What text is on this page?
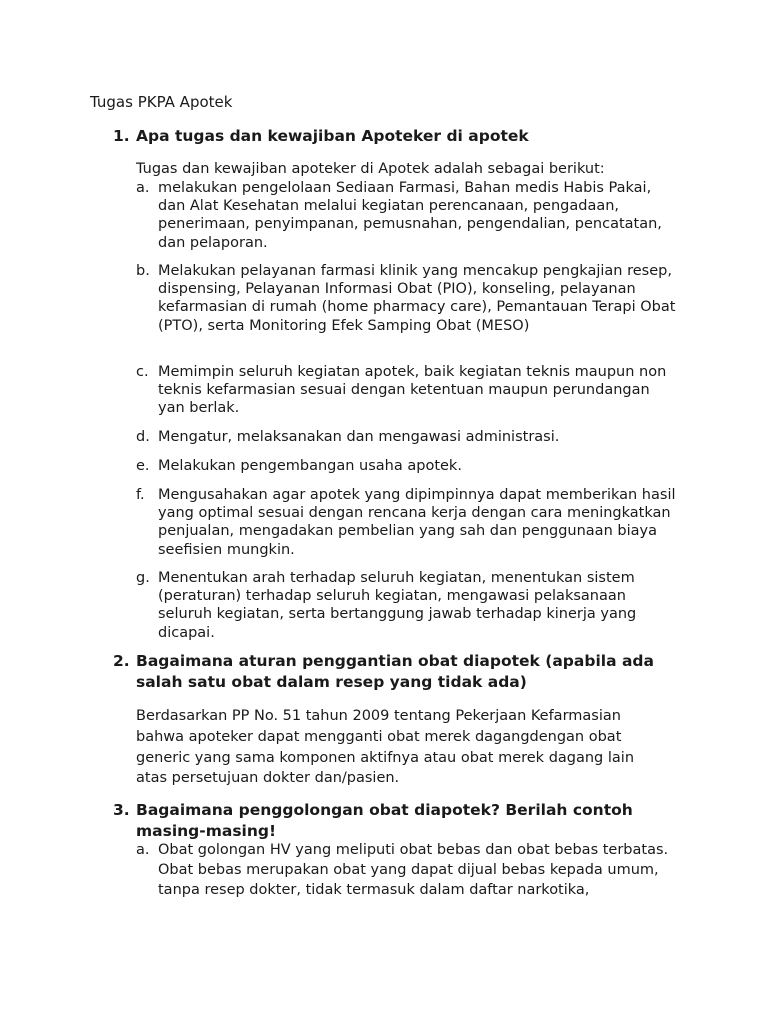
Tugas PKPA Apotek
1. Apa tugas dan kewajiban Apoteker di apotek
Tugas dan kewajiban apoteker di Apotek adalah sebagai berikut:
a. melakukan pengelolaan Sediaan Farmasi, Bahan medis Habis Pakai, dan Alat Kesehatan melalui kegiatan perencanaan, pengadaan, penerimaan, penyimpanan, pemusnahan, pengendalian, pencatatan, dan pelaporan.
b. Melakukan pelayanan farmasi klinik yang mencakup pengkajian resep, dispensing, Pelayanan Informasi Obat (PIO), konseling, pelayanan kefarmasian di rumah (home pharmacy care), Pemantauan Terapi Obat (PTO), serta Monitoring Efek Samping Obat (MESO)
c. Memimpin seluruh kegiatan apotek, baik kegiatan teknis maupun non teknis kefarmasian sesuai dengan ketentuan maupun perundangan yan berlak.
d. Mengatur, melaksanakan dan mengawasi administrasi.
e. Melakukan pengembangan usaha apotek.
f. Mengusahakan agar apotek yang dipimpinnya dapat memberikan hasil yang optimal sesuai dengan rencana kerja dengan cara meningkatkan penjualan, mengadakan pembelian yang sah dan penggunaan biaya seefisien mungkin.
g. Menentukan arah terhadap seluruh kegiatan, menentukan sistem (peraturan) terhadap seluruh kegiatan, mengawasi pelaksanaan seluruh kegiatan, serta bertanggung jawab terhadap kinerja yang dicapai.
2. Bagaimana aturan penggantian obat diapotek (apabila ada salah satu obat dalam resep yang tidak ada)
Berdasarkan PP No. 51 tahun 2009 tentang Pekerjaan Kefarmasian bahwa apoteker dapat mengganti obat merek dagangdengan obat generic yang sama komponen aktifnya atau obat merek dagang lain atas persetujuan dokter dan/pasien.
3. Bagaimana penggolongan obat diapotek? Berilah contoh masing-masing!
a. Obat golongan HV yang meliputi obat bebas dan obat bebas terbatas.
Obat bebas merupakan obat yang dapat dijual bebas kepada umum, tanpa resep dokter, tidak termasuk dalam daftar narkotika,
